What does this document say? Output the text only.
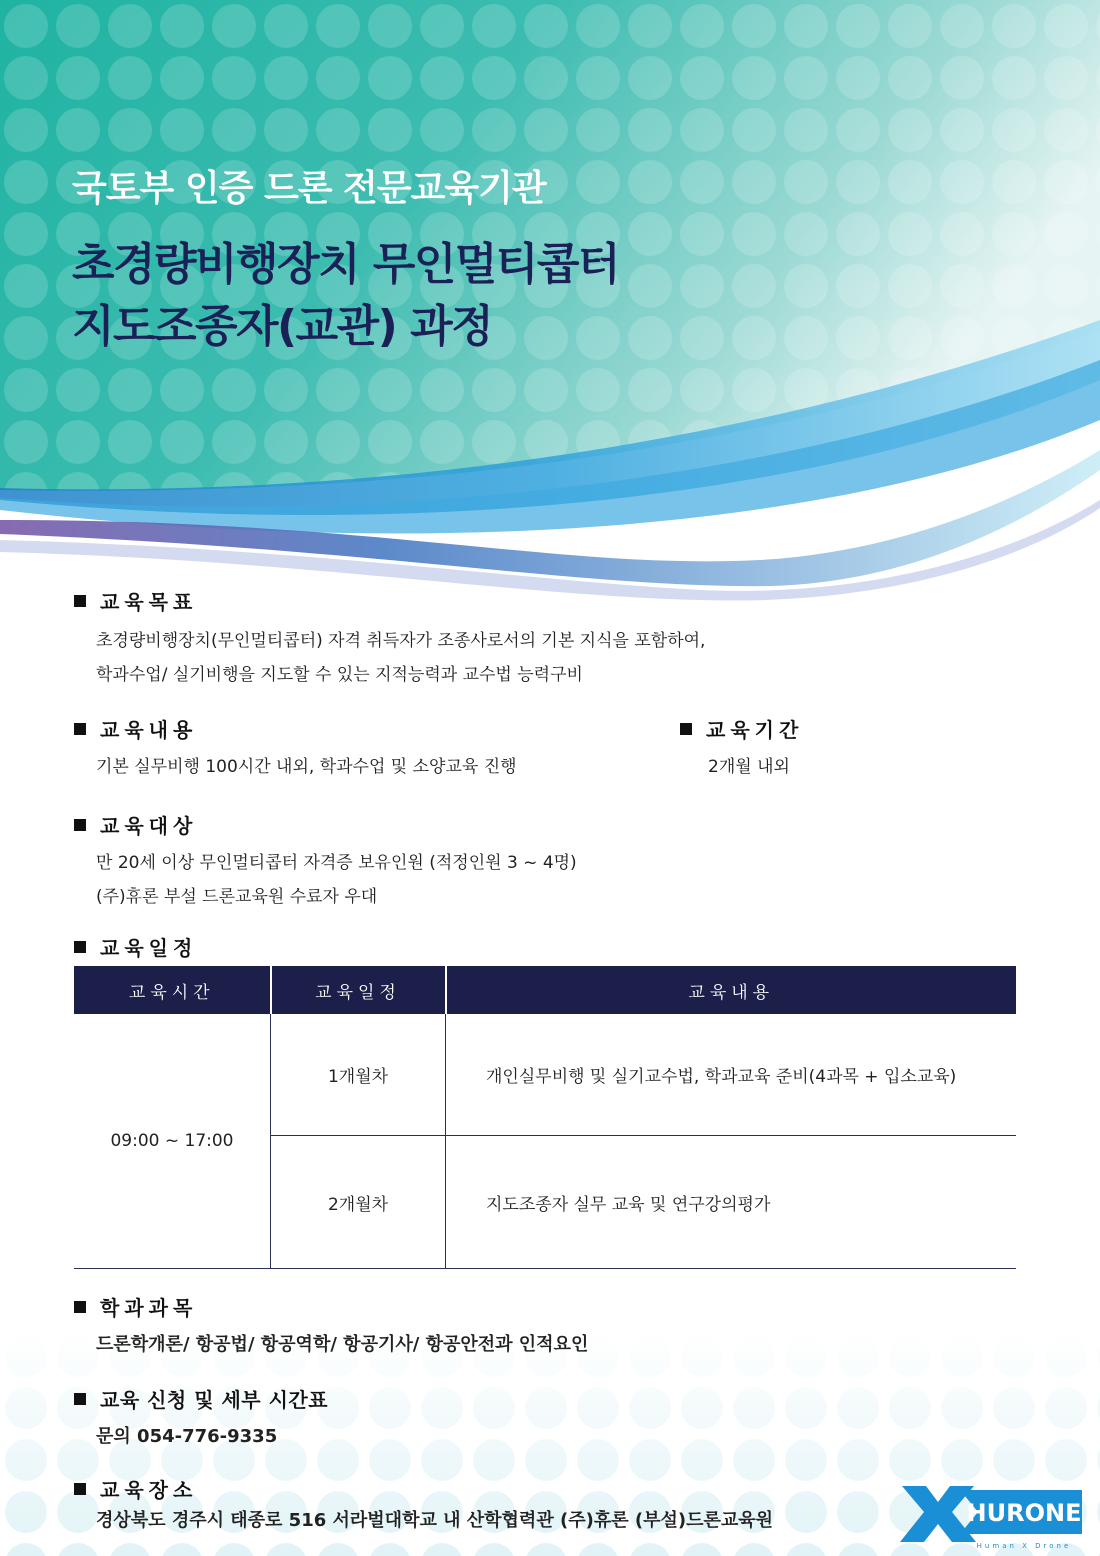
국토부 인증 드론 전문교육기관

초경량비행장치 무인멀티콥터
지도조종자(교관) 과정
교육목표
초경량비행장치(무인멀티콥터) 자격 취득자가 조종사로서의 기본 지식을 포함하여,
학과수업/ 실기비행을 지도할 수 있는 지적능력과 교수법 능력구비
교육내용
기본 실무비행 100시간 내외, 학과수업 및 소양교육 진행
교육기간
2개월 내외
교육대상
만 20세 이상 무인멀티콥터 자격증 보유인원 (적정인원 3 ~ 4명)
(주)휴론 부설 드론교육원 수료자 우대
교육일정
교육시간	교육일정	교육내용
09:00 ~ 17:00	1개월차	개인실무비행 및 실기교수법, 학과교육 준비(4과목 + 입소교육)
	2개월차	지도조종자 실무 교육 및 연구강의평가
학과과목
드론학개론/ 항공법/ 항공역학/ 항공기사/ 항공안전과 인적요인
교육 신청 및 세부 시간표
문의 054-776-9335
교육장소
경상북도 경주시 태종로 516 서라벌대학교 내 산학협력관 (주)휴론 (부설)드론교육원	HURONE
Human X Drone
